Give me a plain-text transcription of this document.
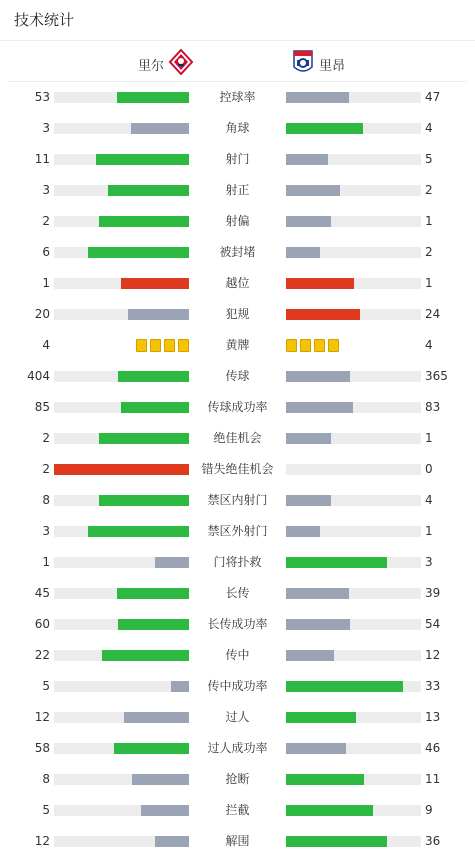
技术统计
里尔	里昂
53	控球率	47
3	角球	4
11	射门	5
3	射正	2
2	射偏	1
6	被封堵	2
1	越位	1
20	犯规	24
4	黄牌	4
404	传球	365
85	传球成功率	83
2	绝佳机会	1
2	错失绝佳机会	0
8	禁区内射门	4
3	禁区外射门	1
1	门将扑救	3
45	长传	39
60	长传成功率	54
22	传中	12
5	传中成功率	33
12	过人	13
58	过人成功率	46
8	抢断	11
5	拦截	9
12	解围	36
